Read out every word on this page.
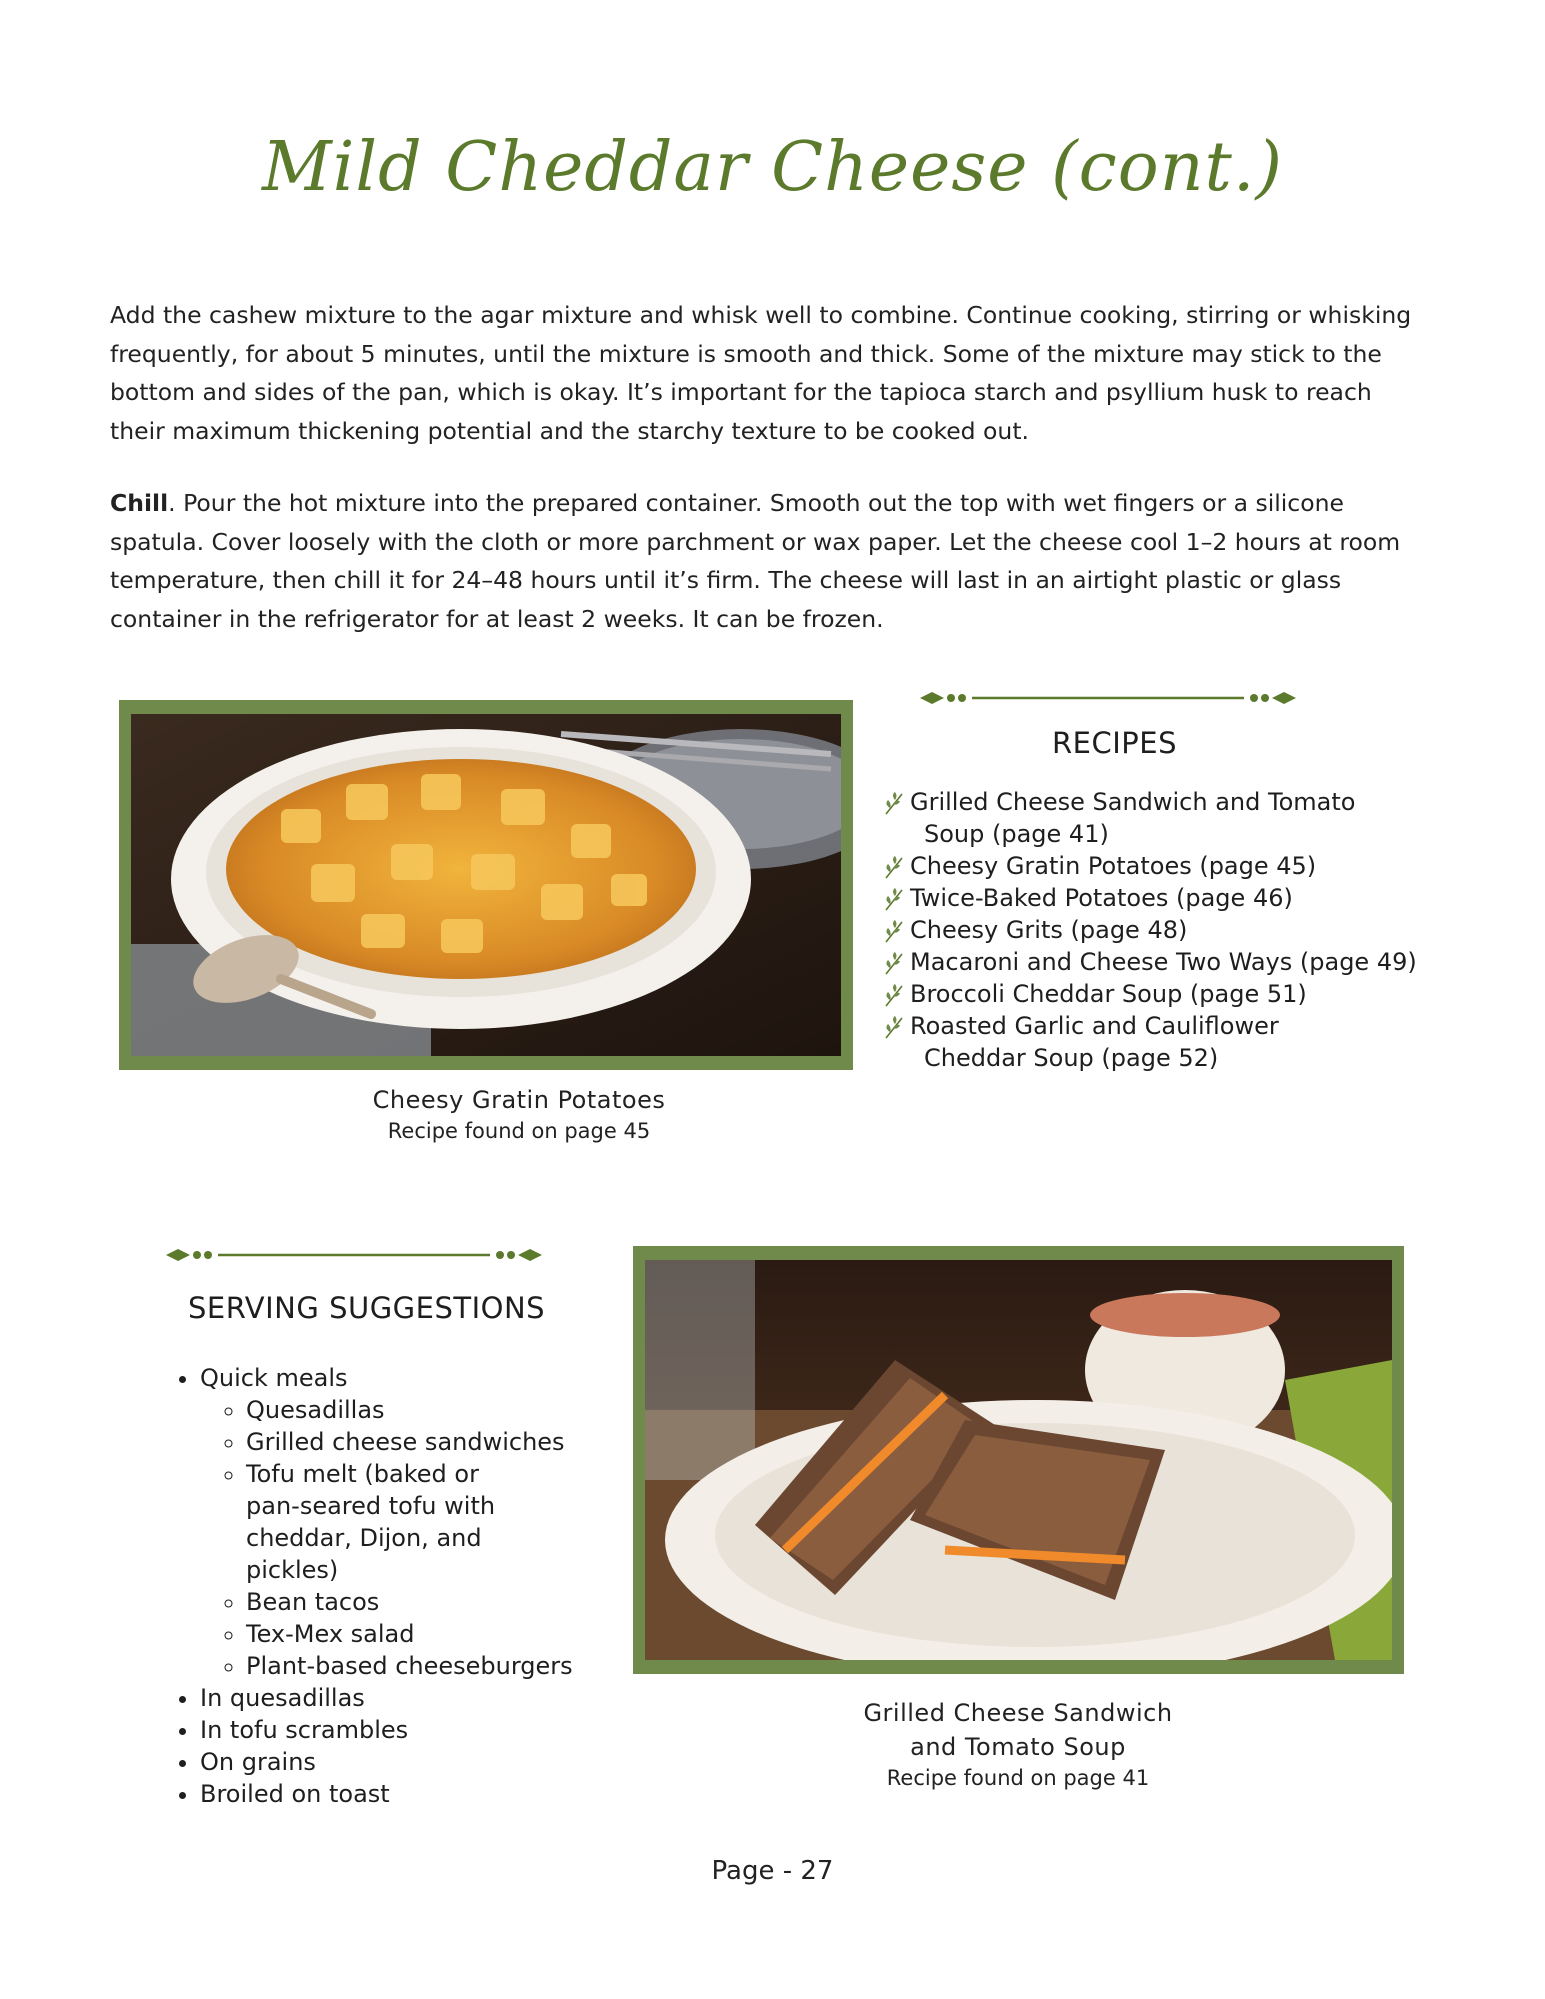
Mild Cheddar Cheese (cont.)
Add the cashew mixture to the agar mixture and whisk well to combine. Continue cooking, stirring or whisking frequently, for about 5 minutes, until the mixture is smooth and thick. Some of the mixture may stick to the bottom and sides of the pan, which is okay. It’s important for the tapioca starch and psyllium husk to reach their maximum thickening potential and the starchy texture to be cooked out.
Chill. Pour the hot mixture into the prepared container. Smooth out the top with wet fingers or a silicone spatula. Cover loosely with the cloth or more parchment or wax paper. Let the cheese cool 1–2 hours at room temperature, then chill it for 24–48 hours until it’s firm. The cheese will last in an airtight plastic or glass container in the refrigerator for at least 2 weeks. It can be frozen.
Cheesy Gratin Potatoes
Recipe found on page 45
RECIPES
Grilled Cheese Sandwich and Tomato Soup (page 41)
Cheesy Gratin Potatoes (page 45)
Twice-Baked Potatoes (page 46)
Cheesy Grits (page 48)
Macaroni and Cheese Two Ways (page 49)
Broccoli Cheddar Soup (page 51)
Roasted Garlic and Cauliflower Cheddar Soup (page 52)
SERVING SUGGESTIONS
• Quick meals
◦ Quesadillas
◦ Grilled cheese sandwiches
◦ Tofu melt (baked or pan-seared tofu with cheddar, Dijon, and pickles)
◦ Bean tacos
◦ Tex-Mex salad
◦ Plant-based cheeseburgers
• In quesadillas
• In tofu scrambles
• On grains
• Broiled on toast
Grilled Cheese Sandwich
and Tomato Soup
Recipe found on page 41
Page - 27
